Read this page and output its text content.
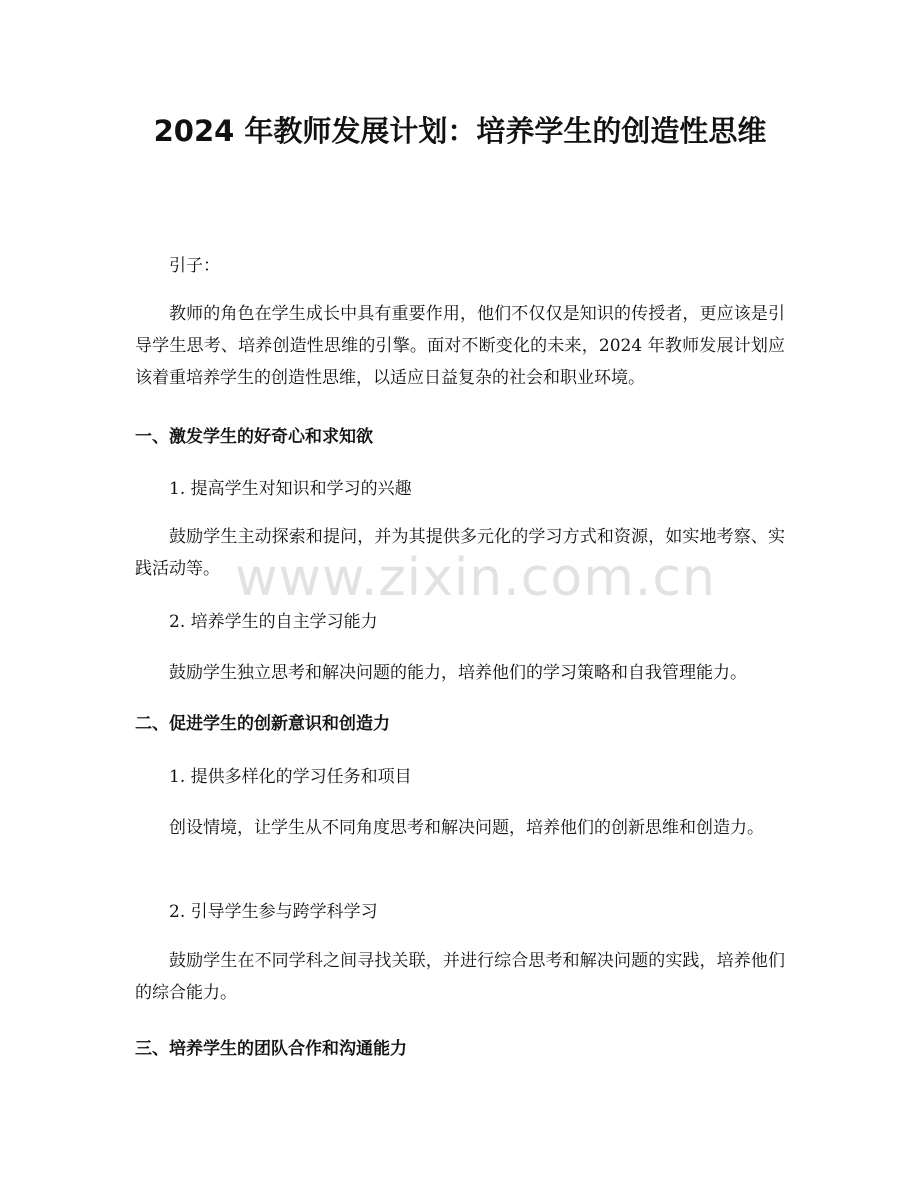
2024 年教师发展计划：培养学生的创造性思维

引子：

教师的角色在学生成长中具有重要作用，他们不仅仅是知识的传授者，更应该是引导学生思考、培养创造性思维的引擎。面对不断变化的未来，2024 年教师发展计划应该着重培养学生的创造性思维，以适应日益复杂的社会和职业环境。

一、激发学生的好奇心和求知欲

1. 提高学生对知识和学习的兴趣

鼓励学生主动探索和提问，并为其提供多元化的学习方式和资源，如实地考察、实践活动等。

2. 培养学生的自主学习能力

鼓励学生独立思考和解决问题的能力，培养他们的学习策略和自我管理能力。

二、促进学生的创新意识和创造力

1. 提供多样化的学习任务和项目

创设情境，让学生从不同角度思考和解决问题，培养他们的创新思维和创造力。

2. 引导学生参与跨学科学习

鼓励学生在不同学科之间寻找关联，并进行综合思考和解决问题的实践，培养他们的综合能力。

三、培养学生的团队合作和沟通能力

www.zixin.com.cn
